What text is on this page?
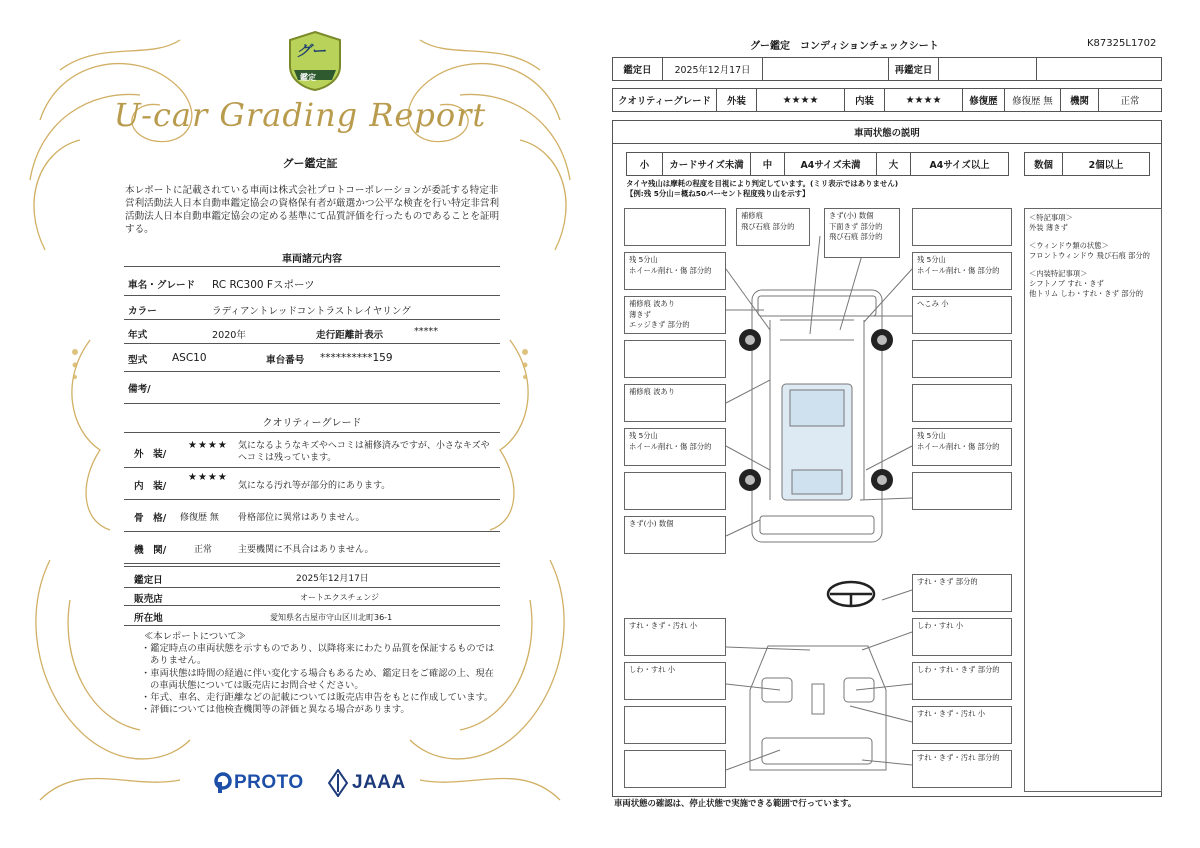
グー
鑑定
U-car Grading Report
グー鑑定証
本レポートに記載されている車両は株式会社プロトコーポレーションが委託する特定非営利活動法人日本自動車鑑定協会の資格保有者が厳選かつ公平な検査を行い特定非営利活動法人日本自動車鑑定協会の定める基準にて品質評価を行ったものであることを証明する。
車両諸元内容
車名・グレード RC RC300 Fスポーツ
カラー	ラディアントレッドコントラストレイヤリング
年式	2020年	走行距離計表示	*****
型式 ASC10	車台番号 **********159
備考/
クオリティーグレード
外　装/
★★★★ 気になるようなキズやヘコミは補修済みですが、小さなキズやヘコミは残っています。
内　装/
★★★★
気になる汚れ等が部分的にあります。
骨　格/ 修復歴 無 骨格部位に異常はありません。
機　関/	正常	主要機関に不具合はありません。
鑑定日	2025年12月17日
販売店	オートエクスチェンジ
所在地	愛知県名古屋市守山区川北町36-1
≪本レポートについて≫
・鑑定時点の車両状態を示すものであり、以降将来にわたり品質を保証するものではありません。
・車両状態は時間の経過に伴い変化する場合もあるため、鑑定日をご確認の上、現在の車両状態については販売店にお問合せください。
・年式、車名、走行距離などの記載については販売店申告をもとに作成しています。
・評価については他検査機関等の評価と異なる場合があります。
PROTO	JAAA
グー鑑定　コンディションチェックシート	K87325L1702
鑑定日	2025年12月17日	再鑑定日
クオリティーグレード	外装	★★★★	内装	★★★★	修復歴	修復歴 無	機関	正常
車両状態の説明
小	カードサイズ未満	中	A4サイズ未満	大	A4サイズ以上	数個	2個以上
タイヤ残山は摩耗の程度を目視により判定しています。(ミリ表示ではありません)
【例:残 5分山＝概ね50パーセント程度残り山を示す】
残 5分山
ホイール削れ・傷 部分的
補修痕 波あり
薄きず
エッジきず 部分的
補修痕 波あり
残 5分山
ホイール削れ・傷 部分的
きず(小) 数個
補修痕
飛び石痕 部分的
きず(小) 数個
下面きず 部分的
飛び石痕 部分的
残 5分山
ホイール削れ・傷 部分的
へこみ 小
残 5分山
ホイール削れ・傷 部分的
すれ・きず 部分的
すれ・きず・汚れ 小	しわ・すれ 小
しわ・すれ 小	しわ・すれ・きず 部分的
すれ・きず・汚れ 小
すれ・きず・汚れ 部分的
＜特記事項＞
外装 薄きず
＜ウィンドウ類の状態＞
フロントウィンドウ 飛び石痕 部分的
＜内装特記事項＞
シフトノブ すれ・きず
他トリム しわ・すれ・きず 部分的
車両状態の確認は、停止状態で実施できる範囲で行っています。
